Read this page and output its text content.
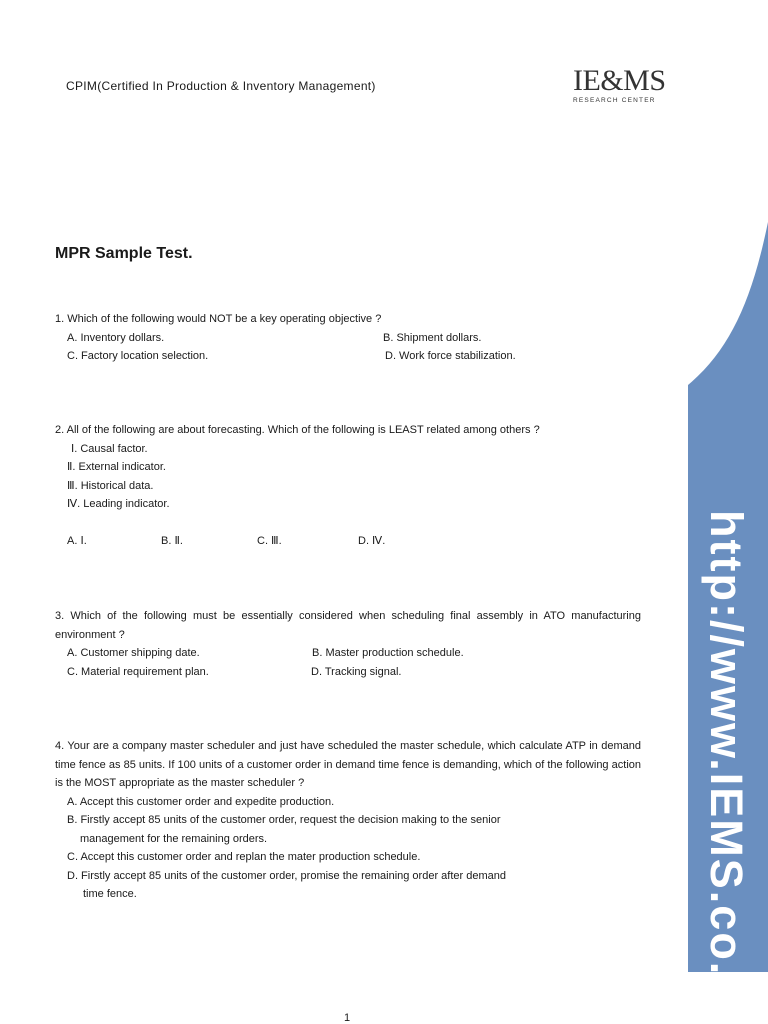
CPIM(Certified In Production & Inventory Management)	IE&MS
RESEARCH CENTER
MPR Sample Test.
1. Which of the following would NOT be a key operating objective ?
A. Inventory dollars.	B. Shipment dollars.
C. Factory location selection.	D. Work force stabilization.
2. All of the following are about forecasting. Which of the following is LEAST related among others ?
Ⅰ. Causal factor.
Ⅱ. External indicator.
Ⅲ. Historical data.
Ⅳ. Leading indicator.
A. Ⅰ.	B. Ⅱ.	C. Ⅲ.	D. Ⅳ.
3. Which of the following must be essentially considered when scheduling final assembly in ATO manufacturing environment ?
A. Customer shipping date.	B. Master production schedule.
C. Material requirement plan.	D. Tracking signal.
4. Your are a company master scheduler and just have scheduled the master schedule, which calculate ATP in demand time fence as 85 units. If 100 units of a customer order in demand time fence is demanding, which of the following action is the MOST appropriate as the master scheduler ?
A. Accept this customer order and expedite production.
B. Firstly accept 85 units of the customer order, request the decision making to the senior
management for the remaining orders.
C. Accept this customer order and replan the mater production schedule.
D. Firstly accept 85 units of the customer order, promise the remaining order after demand
time fence.	http://www.IEMS.co.kr
1
